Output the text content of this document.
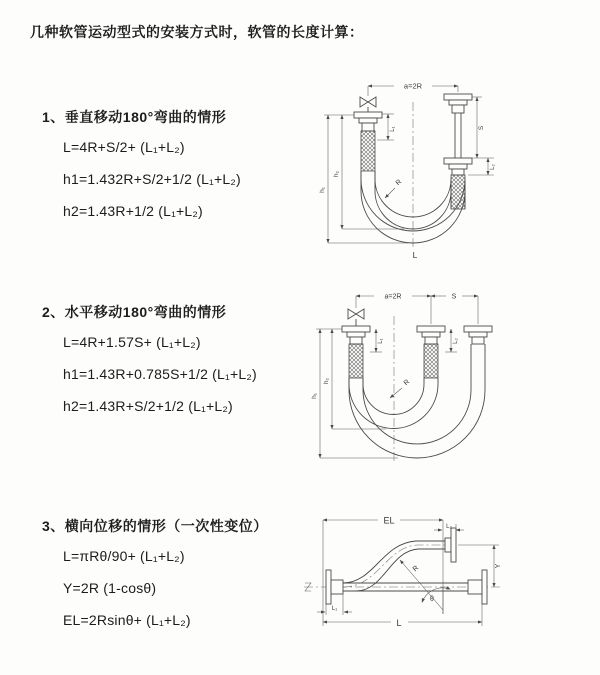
几种软管运动型式的安装方式时，软管的长度计算：
1、垂直移动180°弯曲的情形
L=4R+S/2+ (L₁+L₂)
h1=1.432R+S/2+1/2 (L₁+L₂)
h2=1.43R+1/2 (L₁+L₂)
2、水平移动180°弯曲的情形
L=4R+1.57S+ (L₁+L₂)
h1=1.43R+0.785S+1/2 (L₁+L₂)
h2=1.43R+S/2+1/2 (L₁+L₂)
3、横向位移的情形（一次性变位）
L=πRθ/90+ (L₁+L₂)
Y=2R (1-cosθ)
EL=2Rsinθ+ (L₁+L₂)
a=2R
L₁	S
L₂
h₂
h₁
R
L
a=2R	S
L₁	L₂
h₂
h₁
R
EL
L₂
Y
R
θ
L₁
L
